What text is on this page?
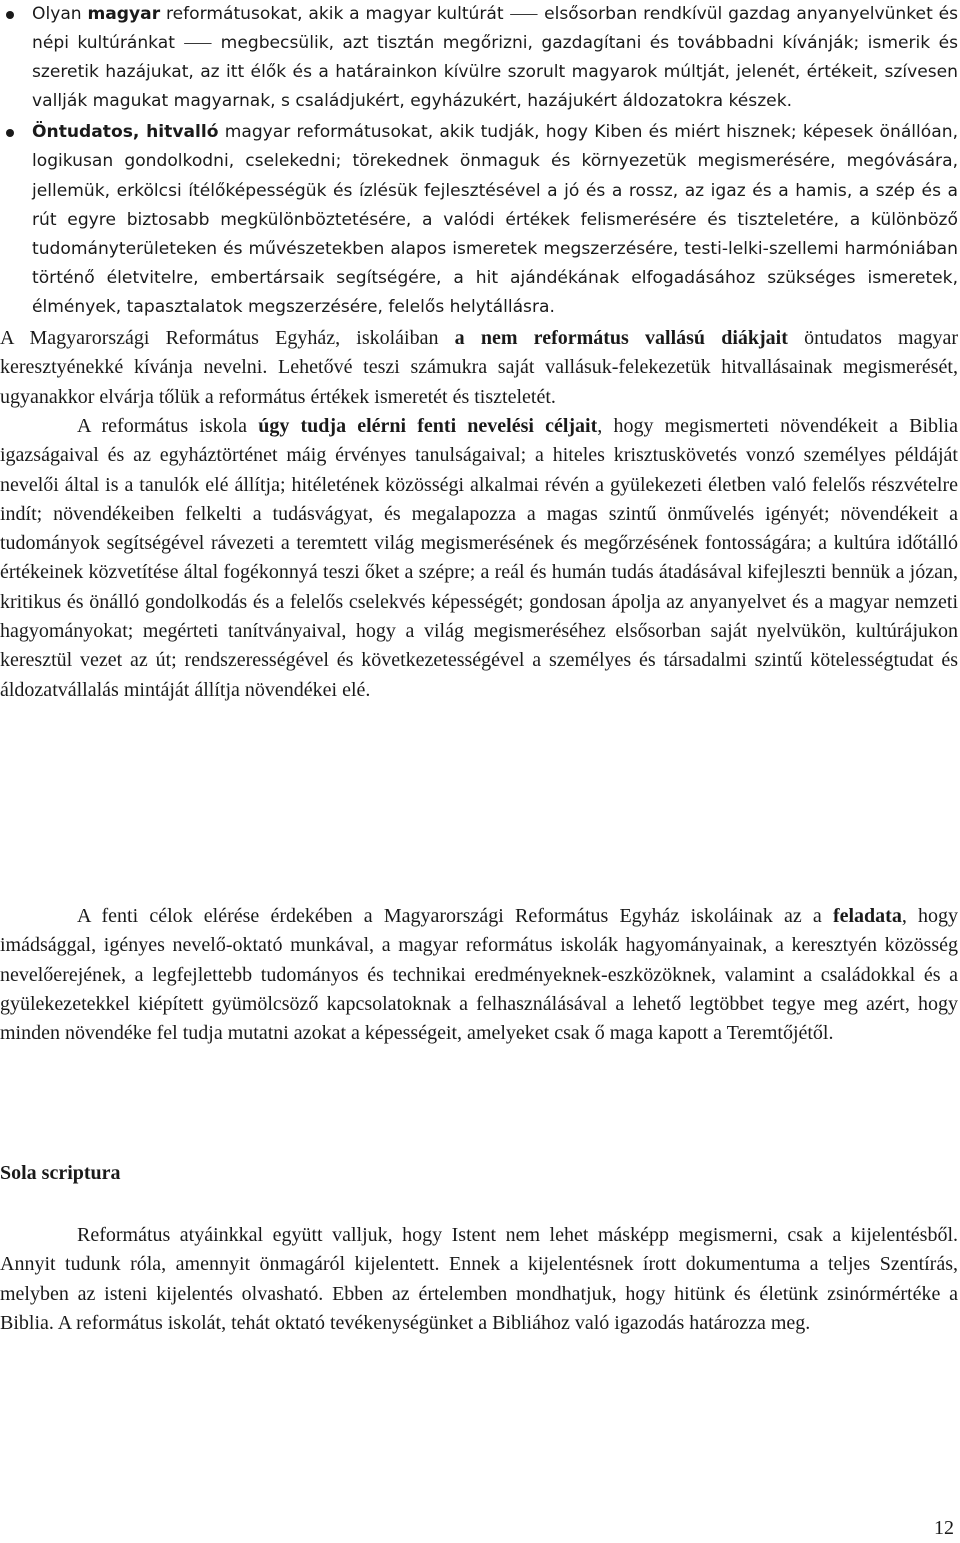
Olyan magyar reformátusokat, akik a magyar kultúrát ⸺ elsősorban rendkívül gazdag anyanyelvünket és népi kultúránkat ⸺ megbecsülik, azt tisztán megőrizni, gazdagítani és továbbadni kívánják; ismerik és szeretik hazájukat, az itt élők és a határainkon kívülre szorult magyarok múltját, jelenét, értékeit, szívesen vallják magukat magyarnak, s családjukért, egyházukért, hazájukért áldozatokra készek.
Öntudatos, hitvalló magyar reformátusokat, akik tudják, hogy Kiben és miért hisznek; képesek önállóan, logikusan gondolkodni, cselekedni; törekednek önmaguk és környezetük megismerésére, megóvására, jellemük, erkölcsi ítélőképességük és ízlésük fejlesztésével a jó és a rossz, az igaz és a hamis, a szép és a rút egyre biztosabb megkülönböztetésére, a valódi értékek felismerésére és tiszteletére, a különböző tudományterületeken és művészetekben alapos ismeretek megszerzésére, testi-lelki-szellemi harmóniában történő életvitelre, embertársaik segítségére, a hit ajándékának elfogadásához szükséges ismeretek, élmények, tapasztalatok megszerzésére, felelős helytállásra.

A Magyarországi Református Egyház, iskoláiban a nem református vallású diákjait öntudatos magyar keresztyénekké kívánja nevelni. Lehetővé teszi számukra saját vallásuk-felekezetük hitvallásainak megismerését, ugyanakkor elvárja tőlük a református értékek ismeretét és tiszteletét.

A református iskola úgy tudja elérni fenti nevelési céljait, hogy megismerteti növendékeit a Biblia igazságaival és az egyháztörténet máig érvényes tanulságaival; a hiteles krisztuskövetés vonzó személyes példáját nevelői által is a tanulók elé állítja; hitéletének közösségi alkalmai révén a gyülekezeti életben való felelős részvételre indít; növendékeiben felkelti a tudásvágyat, és megalapozza a magas szintű önművelés igényét; növendékeit a tudományok segítségével rávezeti a teremtett világ megismerésének és megőrzésének fontosságára; a kultúra időtálló értékeinek közvetítése által fogékonnyá teszi őket a szépre; a reál és humán tudás átadásával kifejleszti bennük a józan, kritikus és önálló gondolkodás és a felelős cselekvés képességét; gondosan ápolja az anyanyelvet és a magyar nemzeti hagyományokat; megérteti tanítványaival, hogy a világ megismeréséhez elsősorban saját nyelvükön, kultúrájukon keresztül vezet az út; rendszerességével és következetességével a személyes és társadalmi szintű kötelességtudat és áldozatvállalás mintáját állítja növendékei elé.

A fenti célok elérése érdekében a Magyarországi Református Egyház iskoláinak az a feladata, hogy imádsággal, igényes nevelő-oktató munkával, a magyar református iskolák hagyományainak, a keresztyén közösség nevelőerejének, a legfejlettebb tudományos és technikai eredményeknek-eszközöknek, valamint a családokkal és a gyülekezetekkel kiépített gyümölcsöző kapcsolatoknak a felhasználásával a lehető legtöbbet tegye meg azért, hogy minden növendéke fel tudja mutatni azokat a képességeit, amelyeket csak ő maga kapott a Teremtőjétől.

Sola scriptura

Református atyáinkkal együtt valljuk, hogy Istent nem lehet másképp megismerni, csak a kijelentésből. Annyit tudunk róla, amennyit önmagáról kijelentett. Ennek a kijelentésnek írott dokumentuma a teljes Szentírás, melyben az isteni kijelentés olvasható. Ebben az értelemben mondhatjuk, hogy hitünk és életünk zsinórmértéke a Biblia. A református iskolát, tehát oktató tevékenységünket a Bibliához való igazodás határozza meg.

12
